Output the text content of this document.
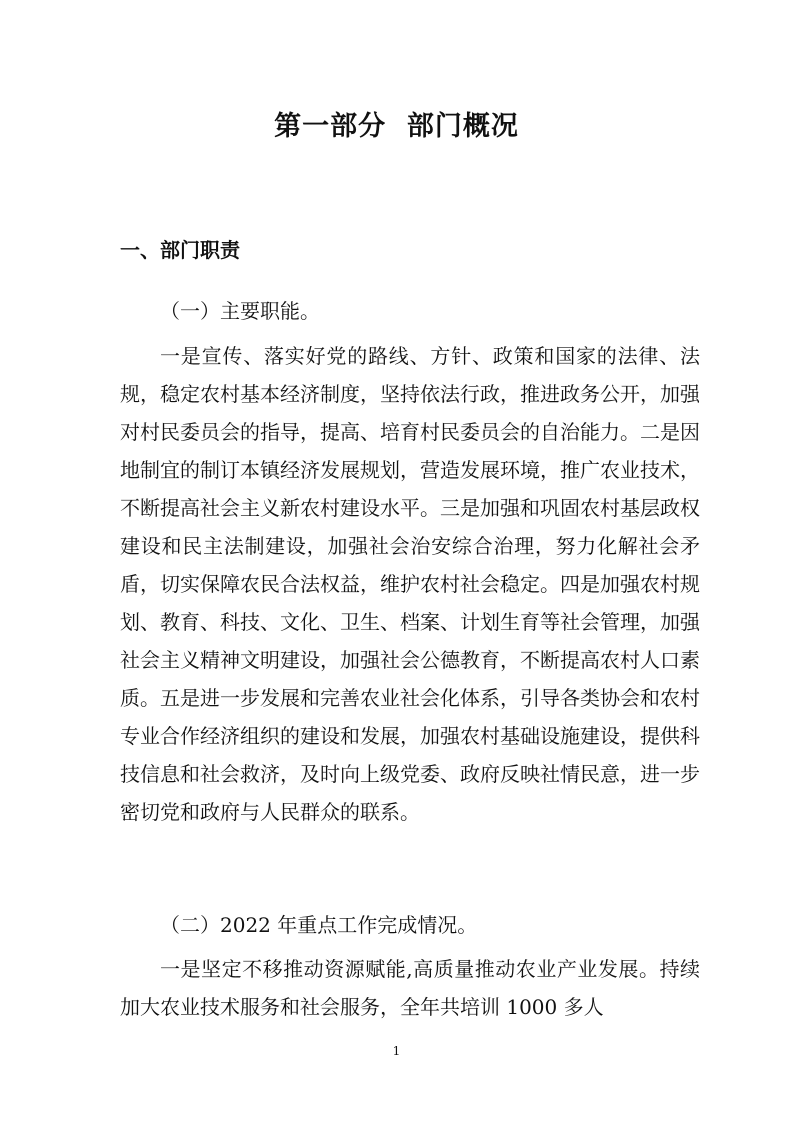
第一部分  部门概况
一、部门职责

（一）主要职能。

一是宣传、落实好党的路线、方针、政策和国家的法律、法规，稳定农村基本经济制度，坚持依法行政，推进政务公开，加强对村民委员会的指导，提高、培育村民委员会的自治能力。二是因地制宜的制订本镇经济发展规划，营造发展环境，推广农业技术，不断提高社会主义新农村建设水平。三是加强和巩固农村基层政权建设和民主法制建设，加强社会治安综合治理，努力化解社会矛盾，切实保障农民合法权益，维护农村社会稳定。四是加强农村规划、教育、科技、文化、卫生、档案、计划生育等社会管理，加强社会主义精神文明建设，加强社会公德教育，不断提高农村人口素质。五是进一步发展和完善农业社会化体系，引导各类协会和农村专业合作经济组织的建设和发展，加强农村基础设施建设，提供科技信息和社会救济，及时向上级党委、政府反映社情民意，进一步密切党和政府与人民群众的联系。

（二）2022 年重点工作完成情况。

一是坚定不移推动资源赋能,高质量推动农业产业发展。持续加大农业技术服务和社会服务，全年共培训 1000 多人

1
